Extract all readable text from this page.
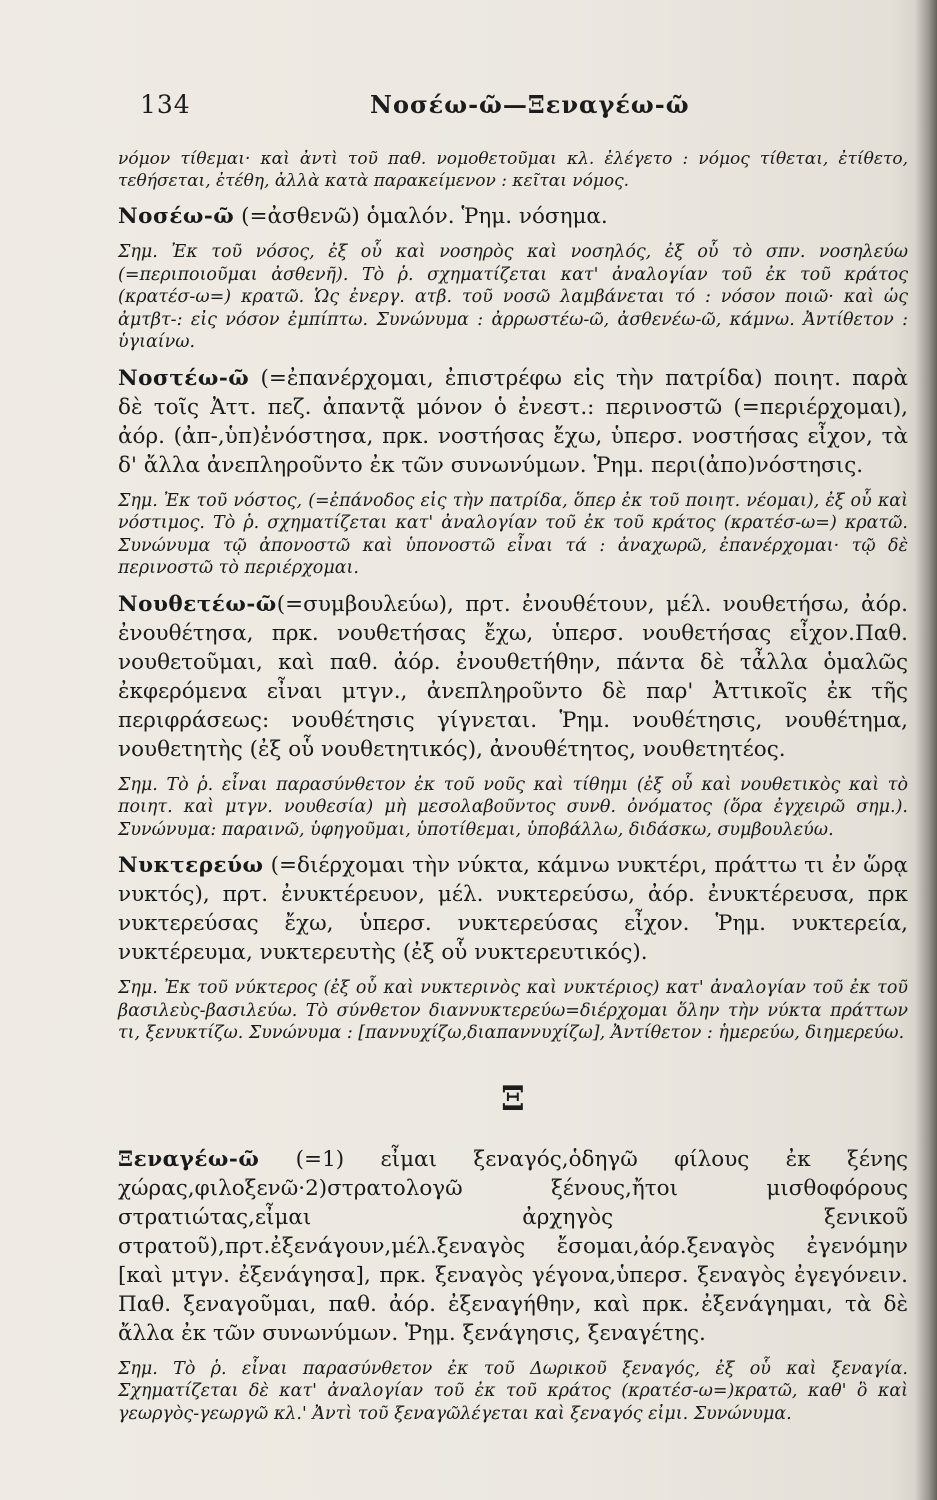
134	Νοσέω-ῶ—Ξεναγέω-ῶ

νόμον τίθεμαι· καὶ ἀντὶ τοῦ παθ. νομοθετοῦμαι κλ. ἐλέγετο : νόμος τίθεται, ἐτίθετο, τεθήσεται, ἐτέθη, ἀλλὰ κατὰ παρακείμενον : κεῖται νόμος.

Νοσέω-ῶ (=ἀσθενῶ) ὁμαλόν. Ῥημ. νόσημα.

Σημ. Ἐκ τοῦ νόσος, ἐξ οὗ καὶ νοσηρὸς καὶ νοσηλός, ἐξ οὗ τὸ σπν. νοσηλεύω (=περιποιοῦμαι ἀσθενῆ). Τὸ ῥ. σχηματίζεται κατ' ἀναλογίαν τοῦ ἐκ τοῦ κράτος (κρατέσ-ω=) κρατῶ. Ὡς ἐνεργ. ατβ. τοῦ νοσῶ λαμβάνεται τό : νόσον ποιῶ· καὶ ὡς ἀμτβτ-: εἰς νόσον ἐμπίπτω. Συνώνυμα : ἀρρωστέω-ῶ, ἀσθενέω-ῶ, κάμνω. Ἀντίθετον : ὑγιαίνω.

Νοστέω-ῶ (=ἐπανέρχομαι, ἐπιστρέφω εἰς τὴν πατρίδα) ποιητ. παρὰ δὲ τοῖς Ἀττ. πεζ. ἀπαντᾷ μόνον ὁ ἐνεστ.: περινοστῶ (=περιέρχομαι), ἀόρ. (ἀπ-,ὑπ)ἐνόστησα, πρκ. νοστήσας ἔχω, ὑπερσ. νοστήσας εἶχον, τὰ δ' ἄλλα ἀνεπληροῦντο ἐκ τῶν συνωνύμων. Ῥημ. περι(ἀπο)νόστησις.

Σημ. Ἐκ τοῦ νόστος, (=ἐπάνοδος εἰς τὴν πατρίδα, ὅπερ ἐκ τοῦ ποιητ. νέομαι), ἐξ οὗ καὶ νόστιμος. Τὸ ῥ. σχηματίζεται κατ' ἀναλογίαν τοῦ ἐκ τοῦ κράτος (κρατέσ-ω=) κρατῶ. Συνώνυμα τῷ ἀπονοστῶ καὶ ὑπονοστῶ εἶναι τά : ἀναχωρῶ, ἐπανέρχομαι· τῷ δὲ περινοστῶ τὸ περιέρχομαι.

Νουθετέω-ῶ(=συμβουλεύω), πρτ. ἐνουθέτουν, μέλ. νουθετήσω, ἀόρ. ἐνουθέτησα, πρκ. νουθετήσας ἔχω, ὑπερσ. νουθετήσας εἶχον.Παθ. νουθετοῦμαι, καὶ παθ. ἀόρ. ἐνουθετήθην, πάντα δὲ τἆλλα ὁμαλῶς ἐκφερόμενα εἶναι μτγν., ἀνεπληροῦντο δὲ παρ' Ἀττικοῖς ἐκ τῆς περιφράσεως: νουθέτησις γίγνεται. Ῥημ. νουθέτησις, νουθέτημα, νουθετητὴς (ἐξ οὗ νουθετητικός), ἀνουθέτητος, νουθετητέος.

Σημ. Τὸ ῥ. εἶναι παρασύνθετον ἐκ τοῦ νοῦς καὶ τίθημι (ἐξ οὗ καὶ νουθετικὸς καὶ τὸ ποιητ. καὶ μτγν. νουθεσία) μὴ μεσολαβοῦντος συνθ. ὀνόματος (ὅρα ἐγχειρῶ σημ.). Συνώνυμα: παραινῶ, ὑφηγοῦμαι, ὑποτίθεμαι, ὑποβάλλω, διδάσκω, συμβουλεύω.

Νυκτερεύω (=διέρχομαι τὴν νύκτα, κάμνω νυκτέρι, πράττω τι ἐν ὥρᾳ νυκτός), πρτ. ἐνυκτέρευον, μέλ. νυκτερεύσω, ἀόρ. ἐνυκτέρευσα, πρκ νυκτερεύσας ἔχω, ὑπερσ. νυκτερεύσας εἶχον. Ῥημ. νυκτερεία, νυκτέρευμα, νυκτερευτὴς (ἐξ οὗ νυκτερευτικός).

Σημ. Ἐκ τοῦ νύκτερος (ἐξ οὗ καὶ νυκτερινὸς καὶ νυκτέριος) κατ' ἀναλογίαν τοῦ ἐκ τοῦ βασιλεὺς-βασιλεύω. Τὸ σύνθετον διαννυκτερεύω=διέρχομαι ὅλην τὴν νύκτα πράττων τι, ξενυκτίζω. Συνώνυμα : [παννυχίζω,διαπαννυχίζω], Ἀντίθετον : ἡμερεύω, διημερεύω.

Ξ

Ξεναγέω-ῶ (=1) εἶμαι ξεναγός,ὁδηγῶ φίλους ἐκ ξένης χώρας,φιλοξενῶ·2)στρατολογῶ ξένους,ἤτοι μισθοφόρους στρατιώτας,εἶμαι ἀρχηγὸς ξενικοῦ στρατοῦ),πρτ.ἐξενάγουν,μέλ.ξεναγὸς ἔσομαι,ἀόρ.ξεναγὸς ἐγενόμην [καὶ μτγν. ἐξενάγησα], πρκ. ξεναγὸς γέγονα,ὑπερσ. ξεναγὸς ἐγεγόνειν. Παθ. ξεναγοῦμαι, παθ. ἀόρ. ἐξεναγήθην, καὶ πρκ. ἐξενάγημαι, τὰ δὲ ἄλλα ἐκ τῶν συνωνύμων. Ῥημ. ξενάγησις, ξεναγέτης.

Σημ. Τὸ ῥ. εἶναι παρασύνθετον ἐκ τοῦ Δωρικοῦ ξεναγός, ἐξ οὗ καὶ ξεναγία. Σχηματίζεται δὲ κατ' ἀναλογίαν τοῦ ἐκ τοῦ κράτος (κρατέσ-ω=)κρατῶ, καθ' ὃ καὶ γεωργὸς-γεωργῶ κλ.' Ἀντὶ τοῦ ξεναγῶλέγεται καὶ ξεναγός εἰμι. Συνώνυμα.
